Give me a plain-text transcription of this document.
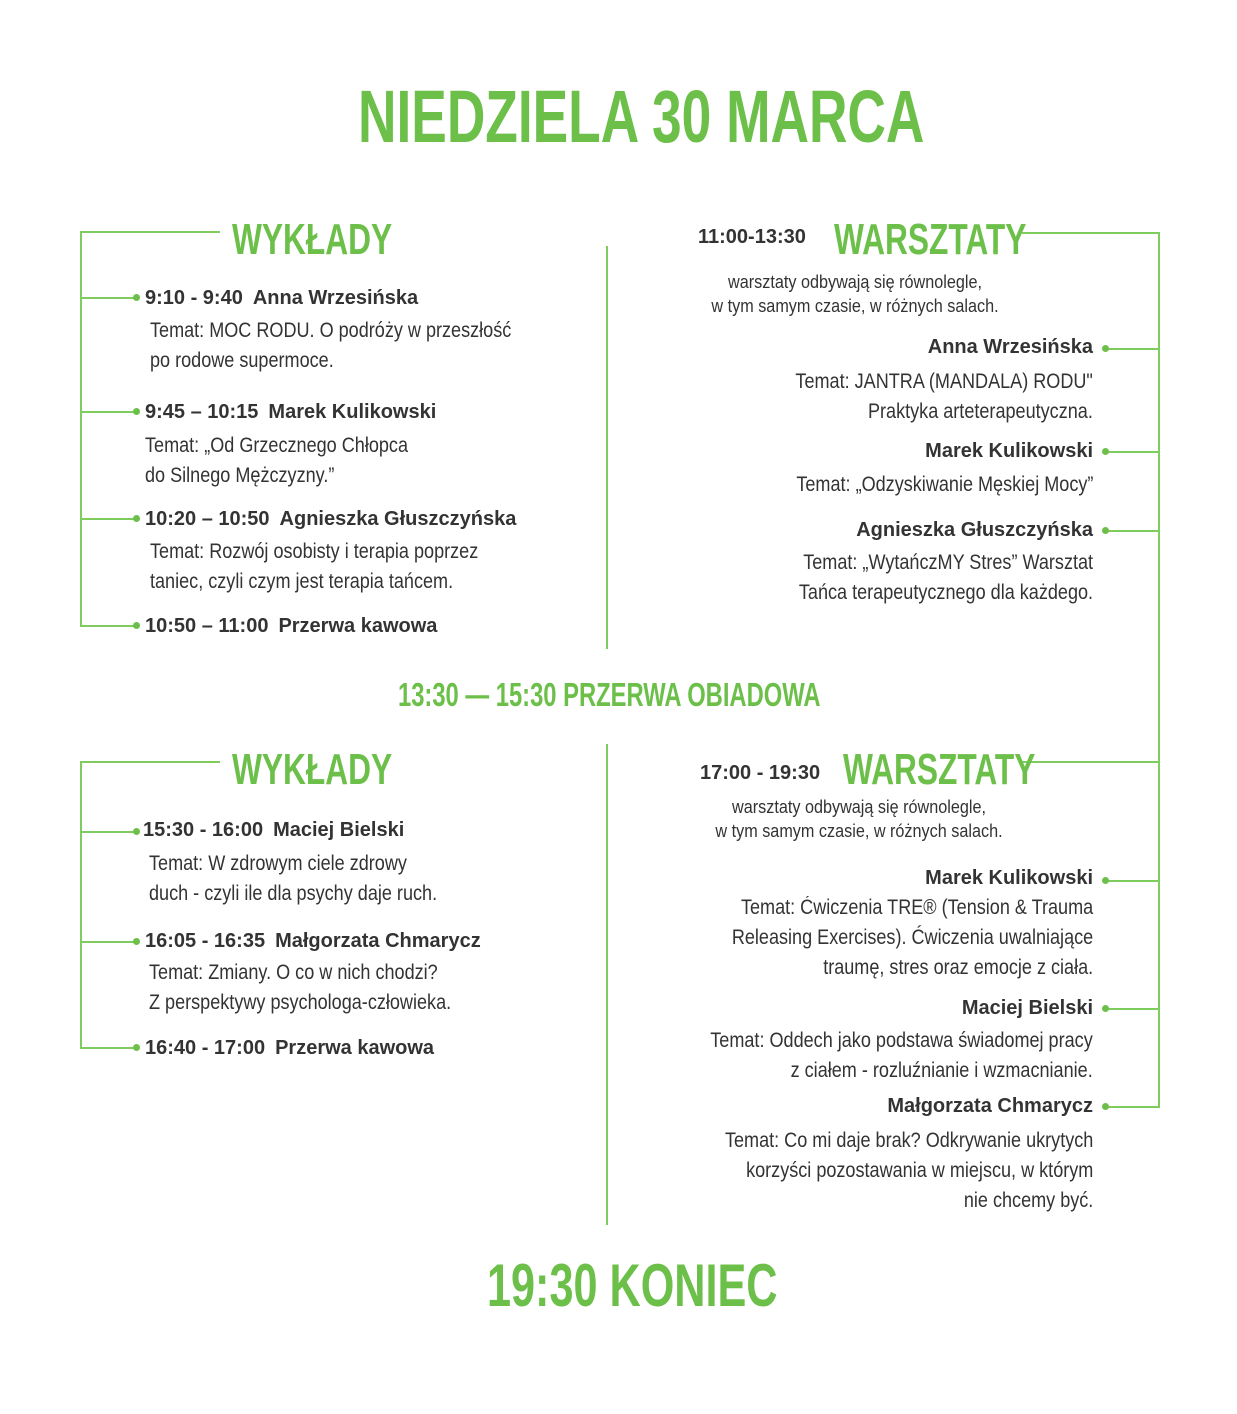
NIEDZIELA 30 MARCA
WYKŁADY
9:10 - 9:40 Anna Wrzesińska
Temat: MOC RODU. O podróży w przeszłość
po rodowe supermoce.
9:45 – 10:15 Marek Kulikowski
Temat: „Od Grzecznego Chłopca
do Silnego Mężczyzny.”
10:20 – 10:50 Agnieszka Głuszczyńska
Temat: Rozwój osobisty i terapia poprzez
taniec, czyli czym jest terapia tańcem.
10:50 – 11:00 Przerwa kawowa
11:00-13:30 WARSZTATY
warsztaty odbywają się równolegle,
w tym samym czasie, w różnych salach.
Anna Wrzesińska
Temat: JANTRA (MANDALA) RODU"
Praktyka arteterapeutyczna.
Marek Kulikowski
Temat: „Odzyskiwanie Męskiej Mocy”
Agnieszka Głuszczyńska
Temat: „WytańczMY Stres” Warsztat
Tańca terapeutycznego dla każdego.
13:30 — 15:30 PRZERWA OBIADOWA
WYKŁADY
15:30 - 16:00 Maciej Bielski
Temat: W zdrowym ciele zdrowy
duch - czyli ile dla psychy daje ruch.
16:05 - 16:35 Małgorzata Chmarycz
Temat: Zmiany. O co w nich chodzi?
Z perspektywy psychologa-człowieka.
16:40 - 17:00 Przerwa kawowa
17:00 - 19:30 WARSZTATY
warsztaty odbywają się równolegle,
w tym samym czasie, w różnych salach.
Marek Kulikowski
Temat: Ćwiczenia TRE® (Tension & Trauma
Releasing Exercises). Ćwiczenia uwalniające
traumę, stres oraz emocje z ciała.
Maciej Bielski
Temat: Oddech jako podstawa świadomej pracy
z ciałem - rozluźnianie i wzmacnianie.
Małgorzata Chmarycz
Temat: Co mi daje brak? Odkrywanie ukrytych
korzyści pozostawania w miejscu, w którym
nie chcemy być.
19:30 KONIEC
